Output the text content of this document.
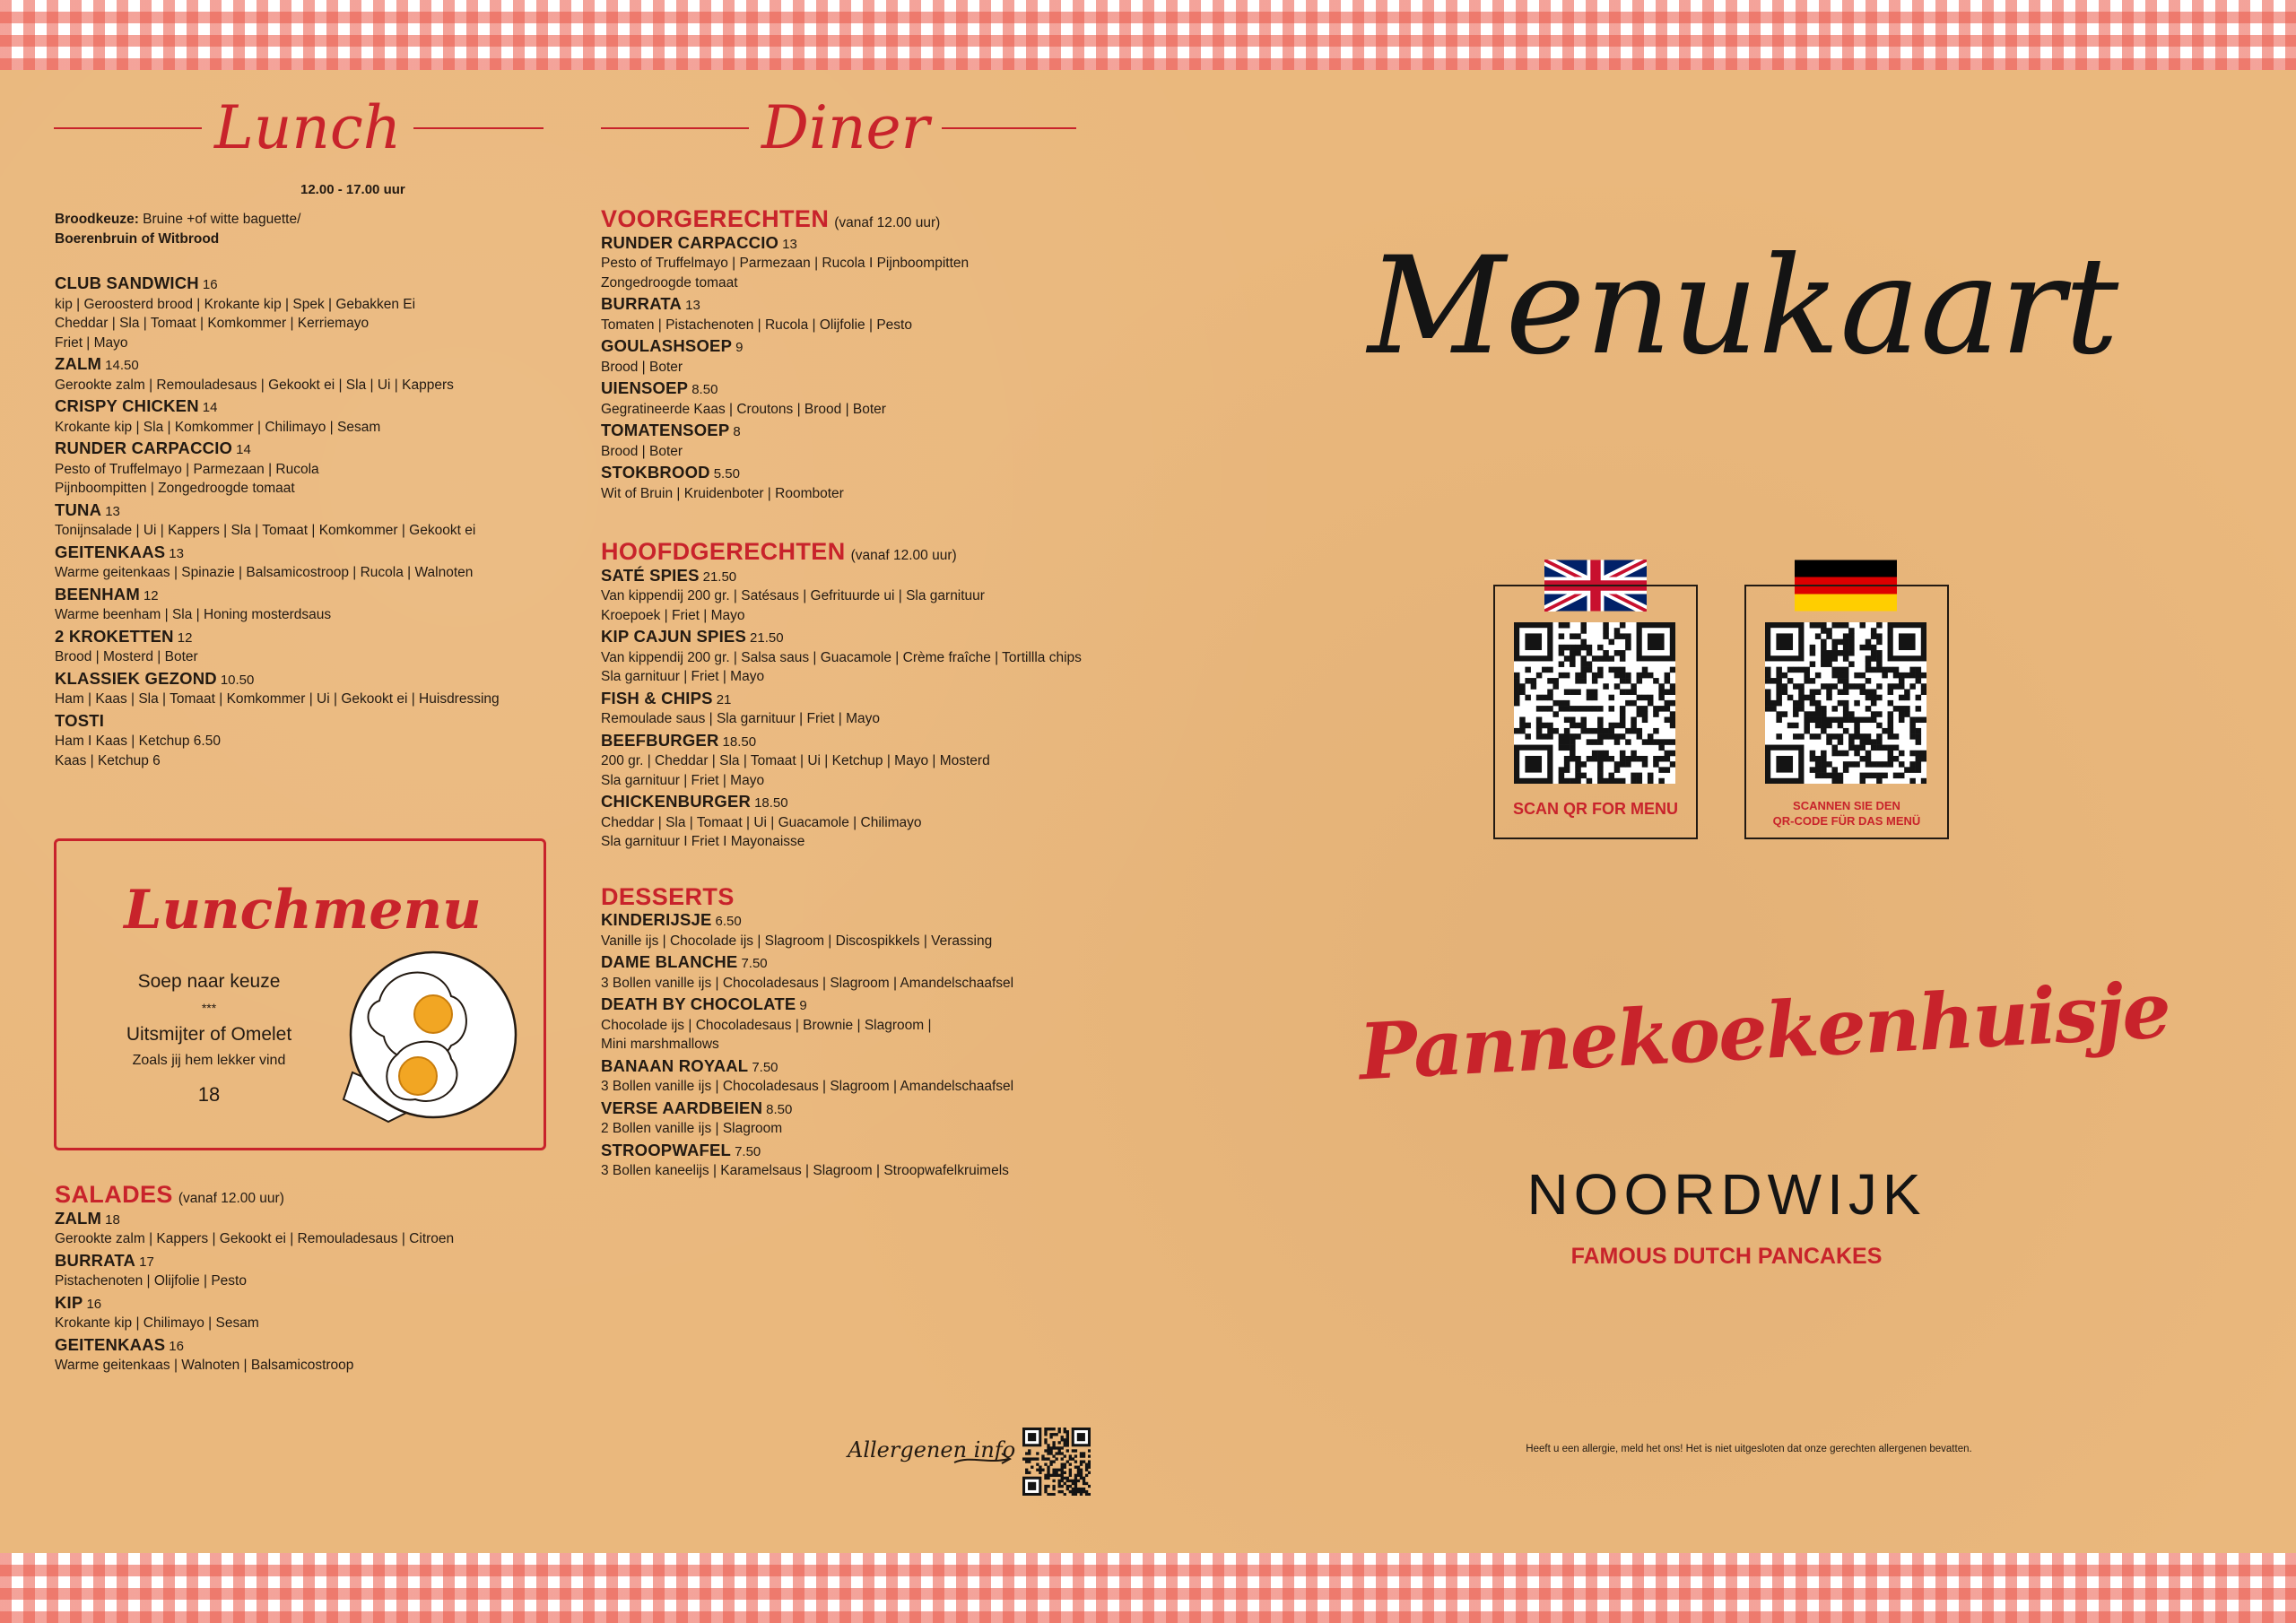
Lunch
12.00 - 17.00 uur
Broodkeuze: Bruine +of witte baguette/
Boerenbruin of Witbrood
CLUB SANDWICH 16
kip | Geroosterd brood | Krokante kip | Spek | Gebakken Ei
Cheddar | Sla | Tomaat | Komkommer | Kerriemayo
Friet | Mayo
ZALM 14.50
Gerookte zalm | Remouladesaus | Gekookt ei | Sla | Ui | Kappers
CRISPY CHICKEN 14
Krokante kip | Sla | Komkommer | Chilimayo | Sesam
RUNDER CARPACCIO 14
Pesto of Truffelmayo | Parmezaan | Rucola
Pijnboompitten | Zongedroogde tomaat
TUNA 13
Tonijnsalade | Ui | Kappers | Sla | Tomaat | Komkommer | Gekookt ei
GEITENKAAS 13
Warme geitenkaas | Spinazie | Balsamicostroop | Rucola | Walnoten
BEENHAM 12
Warme beenham | Sla | Honing mosterdsaus
2 KROKETTEN 12
Brood | Mosterd | Boter
KLASSIEK GEZOND 10.50
Ham | Kaas | Sla | Tomaat | Komkommer | Ui | Gekookt ei | Huisdressing
TOSTI
Ham I Kaas | Ketchup 6.50
Kaas | Ketchup 6
Lunchmenu
Soep naar keuze
***
Uitsmijter of Omelet
Zoals jij hem lekker vind
18
SALADES (vanaf 12.00 uur)
ZALM 18
Gerookte zalm | Kappers | Gekookt ei | Remouladesaus | Citroen
BURRATA 17
Pistachenoten | Olijfolie | Pesto
KIP 16
Krokante kip | Chilimayo | Sesam
GEITENKAAS 16
Warme geitenkaas | Walnoten | Balsamicostroop
Diner
VOORGERECHTEN (vanaf 12.00 uur)
RUNDER CARPACCIO 13
Pesto of Truffelmayo | Parmezaan | Rucola I Pijnboompitten
Zongedroogde tomaat
BURRATA 13
Tomaten | Pistachenoten | Rucola | Olijfolie | Pesto
GOULASHSOEP 9
Brood | Boter
UIENSOEP 8.50
Gegratineerde Kaas | Croutons | Brood | Boter
TOMATENSOEP 8
Brood | Boter
STOKBROOD 5.50
Wit of Bruin | Kruidenboter | Roomboter
HOOFDGERECHTEN (vanaf 12.00 uur)
SATÉ SPIES 21.50
Van kippendij 200 gr. | Satésaus | Gefrituurde ui | Sla garnituur
Kroepoek | Friet | Mayo
KIP CAJUN SPIES 21.50
Van kippendij 200 gr. | Salsa saus | Guacamole | Crème fraîche | Tortillla chips
Sla garnituur | Friet | Mayo
FISH & CHIPS 21
Remoulade saus | Sla garnituur | Friet | Mayo
BEEFBURGER 18.50
200 gr. | Cheddar | Sla | Tomaat | Ui | Ketchup | Mayo | Mosterd
Sla garnituur | Friet | Mayo
CHICKENBURGER 18.50
Cheddar | Sla | Tomaat | Ui | Guacamole | Chilimayo
Sla garnituur I Friet I Mayonaisse
DESSERTS
KINDERIJSJE 6.50
Vanille ijs | Chocolade ijs | Slagroom | Discospikkels | Verassing
DAME BLANCHE 7.50
3 Bollen vanille ijs | Chocoladesaus | Slagroom | Amandelschaafsel
DEATH BY CHOCOLATE 9
Chocolade ijs | Chocoladesaus | Brownie | Slagroom |
Mini marshmallows
BANAAN ROYAAL 7.50
3 Bollen vanille ijs | Chocoladesaus | Slagroom | Amandelschaafsel
VERSE AARDBEIEN 8.50
2 Bollen vanille ijs | Slagroom
STROOPWAFEL 7.50
3 Bollen kaneelijs | Karamelsaus | Slagroom | Stroopwafelkruimels
Allergenen info
Menukaart
SCAN QR FOR MENU	SCANNEN SIE DEN
QR-CODE FÜR DAS MENÜ
Pannekoekenhuisje
NOORDWIJK
FAMOUS DUTCH PANCAKES
Heeft u een allergie, meld het ons! Het is niet uitgesloten dat onze gerechten allergenen bevatten.
